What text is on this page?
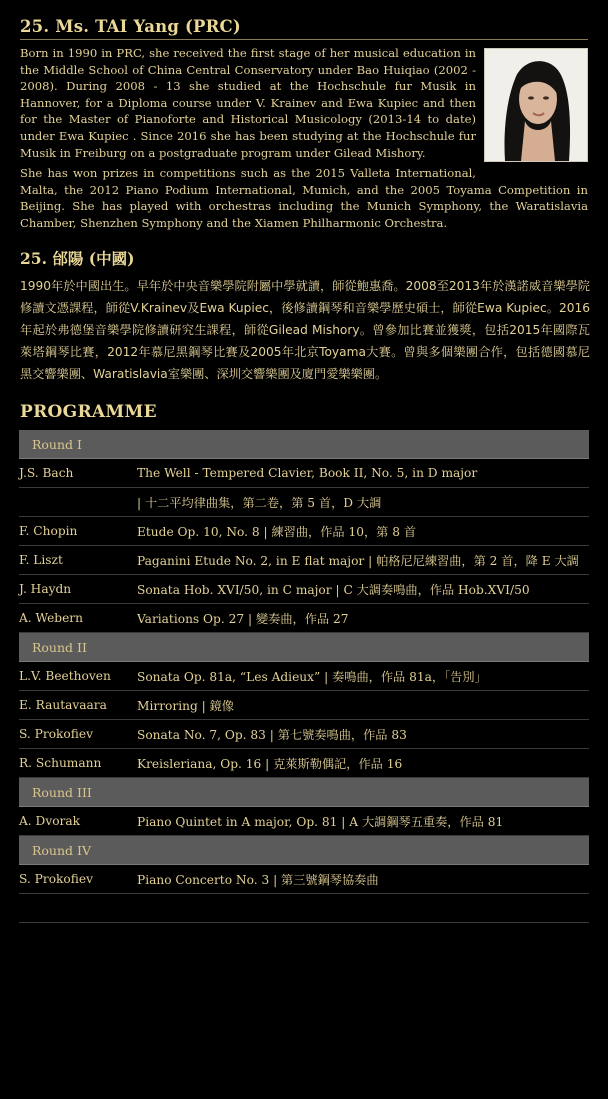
25. Ms. TAI Yang (PRC)

Born in 1990 in PRC, she received the first stage of her musical education in the Middle School of China Central Conservatory under Bao Huiqiao (2002 - 2008). During 2008 - 13 she studied at the Hochschule fur Musik in Hannover, for a Diploma course under V. Krainev and Ewa Kupiec and then for the Master of Pianoforte and Historical Musicology (2013-14 to date) under Ewa Kupiec . Since 2016 she has been studying at the Hochschule fur Musik in Freiburg on a postgraduate program under Gilead Mishory.

She has won prizes in competitions such as the 2015 Valleta International, Malta, the 2012 Piano Podium International, Munich, and the 2005 Toyama Competition in Beijing. She has played with orchestras including the Munich Symphony, the Waratislavia Chamber, Shenzhen Symphony and the Xiamen Philharmonic Orchestra.

25. 邰陽 (中國)
1990年於中國出生。早年於中央音樂學院附屬中學就讀，師從鮑惠喬。2008至2013年於漢諾威音樂學院修讀文憑課程，師從V.Krainev及Ewa Kupiec，後修讀鋼琴和音樂學歷史碩士，師從Ewa Kupiec。2016年起於弗德堡音樂學院修讀研究生課程，師從Gilead Mishory。曾參加比賽並獲獎，包括2015年國際瓦萊塔鋼琴比賽，2012年慕尼黑鋼琴比賽及2005年北京Toyama大賽。曾與多個樂團合作，包括德國慕尼黑交響樂團、Waratislavia室樂團、深圳交響樂團及廈門愛樂樂團。
PROGRAMME
Round I
J.S. Bach	The Well - Tempered Clavier, Book II, No. 5, in D major
| 十二平均律曲集，第二卷，第 5 首，D 大調
F. Chopin	Etude Op. 10, No. 8 | 練習曲，作品 10，第 8 首
F. Liszt	Paganini Etude No. 2, in E flat major | 帕格尼尼練習曲，第 2 首，降 E 大調
J. Haydn	Sonata Hob. XVI/50, in C major | C 大調奏鳴曲，作品 Hob.XVI/50
A. Webern	Variations Op. 27 | 變奏曲，作品 27
Round II
L.V. Beethoven	Sonata Op. 81a, “Les Adieux” | 奏鳴曲，作品 81a，「告別」
E. Rautavaara	Mirroring | 鏡像
S. Prokofiev	Sonata No. 7, Op. 83 | 第七號奏鳴曲，作品 83
R. Schumann	Kreisleriana, Op. 16 | 克萊斯勒偶記，作品 16
Round III
A. Dvorak	Piano Quintet in A major, Op. 81 | A 大調鋼琴五重奏，作品 81
Round IV
S. Prokofiev	Piano Concerto No. 3 | 第三號鋼琴協奏曲
